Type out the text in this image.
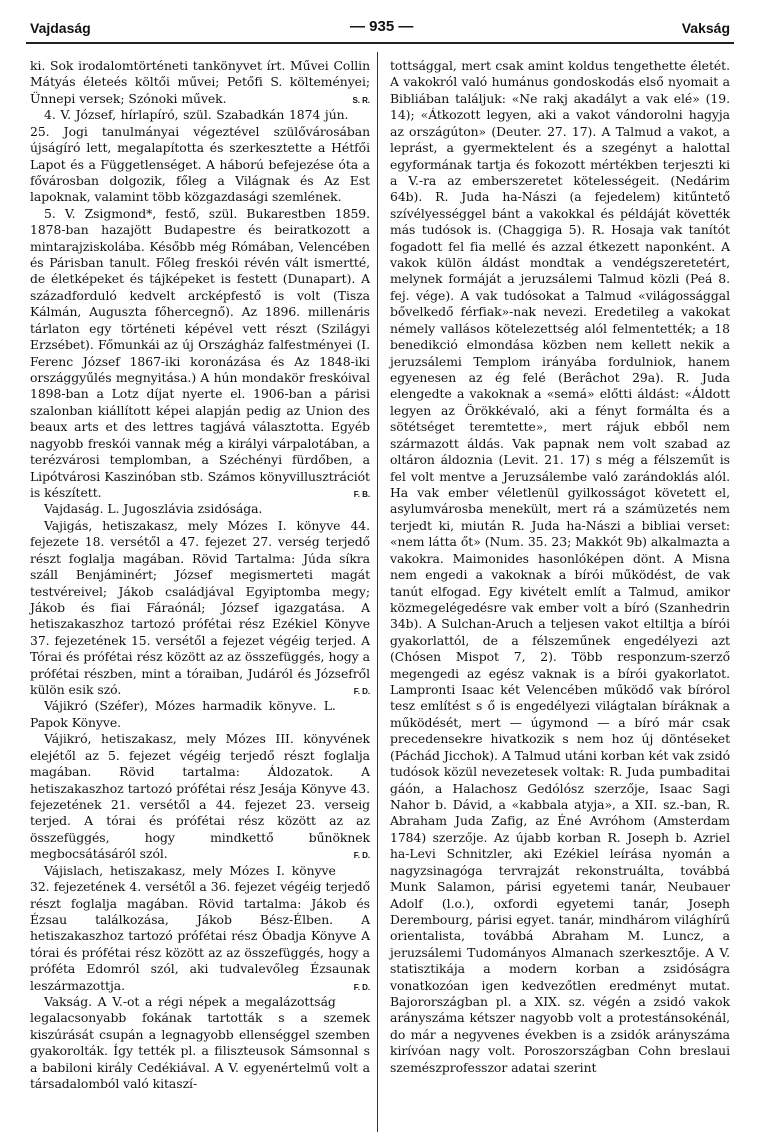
Vajdaság	— 935 —	Vakság

ki. Sok irodalomtörténeti tankönyvet írt. Művei Collin Mátyás életeés költői művei; Petőfi S. költeményei; Ünnepi versek; Szónoki művek.	S. R.

4. V. József, hírlapíró, szül. Szabadkán 1874 jún. 25. Jogi tanulmányai végeztével szülővárosában újságíró lett, megalapította és szerkesztette a Hétfői Lapot és a Függetlenséget. A háború befejezése óta a fővárosban dolgozik, főleg a Világnak és Az Est lapoknak, valamint több közgazdasági szemlének.

5. V. Zsigmond*, festő, szül. Bukarestben 1859. 1878-ban hazajött Budapestre és beiratkozott a mintarajziskolába. Később még Rómában, Velencében és Párisban tanult. Főleg freskói révén vált ismertté, de életképeket és tájképeket is festett (Dunapart). A századforduló kedvelt arcképfestő is volt (Tisza Kálmán, Auguszta főhercegnő). Az 1896. millenáris tárlaton egy történeti képével vett részt (Szilágyi Erzsébet). Főmunkái az új Országház falfestményei (I. Ferenc József 1867-iki koronázása és Az 1848-iki országgyűlés megnyitása.) A hún mondakör freskóival 1898-ban a Lotz díjat nyerte el. 1906-ban a párisi szalonban kiállított képei alapján pedig az Union des beaux arts et des lettres tagjává választotta. Egyéb nagyobb freskói vannak még a királyi várpalotában, a terézvárosi templomban, a Széchényi fürdőben, a Lipótvárosi Kaszinóban stb. Számos könyvillusztrációt is készített.	F. B.

Vajdaság. L. Jugoszlávia zsidósága.

Vajigás, hetiszakasz, mely Mózes I. könyve 44. fejezete 18. versétől a 47. fejezet 27. verség terjedő részt foglalja magában. Rövid Tartalma: Júda síkra száll Benjáminért; József megismerteti magát testvéreivel; Jákob családjával Egyiptomba megy; Jákob és fiai Fáraónál; József igazgatása. A hetiszakaszhoz tartozó prófétai rész Ezékiel Könyve 37. fejezetének 15. versétől a fejezet végéig terjed. A Tórai és prófétai rész között az az összefüggés, hogy a prófétai részben, mint a tóraiban, Judáról és Józsefről külön esik szó.	F. D.

Vájikró (Széfer), Mózes harmadik könyve. L. Papok Könyve.

Vájikró, hetiszakasz, mely Mózes III. könyvének elejétől az 5. fejezet végéig terjedő részt foglalja magában. Rövid tartalma: Áldozatok. A hetiszakaszhoz tartozó prófétai rész Jesája Könyve 43. fejezetének 21. versétől a 44. fejezet 23. verseig terjed. A tórai és prófétai rész között az az összefüggés, hogy mindkettő bűnöknek megbocsátásáról szól.	F. D.

Vájislach, hetiszakasz, mely Mózes I. könyve 32. fejezetének 4. versétől a 36. fejezet végéig terjedő részt foglalja magában. Rövid tartalma: Jákob és Ézsau találkozása, Jákob Bész-Élben. A hetiszakaszhoz tartozó prófétai rész Óbadja Könyve A tórai és prófétai rész között az az összefüggés, hogy a próféta Edomról szól, aki tudvalevőleg Ézsaunak leszármazottja.	F. D.

Vakság. A V.-ot a régi népek a megalázottság legalacsonyabb fokának tartották s a szemek kiszúrását csupán a legnagyobb ellenséggel szemben gyakorolták. Így tették pl. a filiszteusok Sámsonnal s a babiloni király Cedékiával. A V. egyenértelmű volt a társadalomból való kitaszí-

tottsággal, mert csak amint koldus tengethette életét. A vakokról való humánus gondoskodás első nyomait a Bibliában találjuk: «Ne rakj akadályt a vak elé» (19. 14); «Átkozott legyen, aki a vakot vándorolni hagyja az országúton» (Deuter. 27. 17). A Talmud a vakot, a leprást, a gyermektelent és a szegényt a halottal egyformának tartja és fokozott mértékben terjeszti ki a V.-ra az emberszeretet kötelességeit. (Nedárim 64b). R. Juda ha-Nászi (a fejedelem) kitűntető szívélyességgel bánt a vakokkal és példáját követték más tudósok is. (Chaggiga 5). R. Hosaja vak tanítót fogadott fel fia mellé és azzal étkezett naponként. A vakok külön áldást mondtak a vendégszeretetért, melynek formáját a jeruzsálemi Talmud közli (Peá 8. fej. vége). A vak tudósokat a Talmud «világossággal bővelkedő férfiak»-nak nevezi. Eredetileg a vakokat némely vallásos kötelezettség alól felmentették; a 18 benedikció elmondása közben nem kellett nekik a jeruzsálemi Templom irányába fordulniok, hanem egyenesen az ég felé (Berâchot 29a). R. Juda elengedte a vakoknak a «semá» előtti áldást: «Áldott legyen az Örökkévaló, aki a fényt formálta és a sötétséget teremtette», mert rájuk ebből nem származott áldás. Vak papnak nem volt szabad az oltáron áldoznia (Levit. 21. 17) s még a félszeműt is fel volt mentve a Jeruzsálembe való zarándoklás alól. Ha vak ember véletlenül gyilkosságot követett el, asylumvárosba menekült, mert rá a számüzetés nem terjedt ki, miután R. Juda ha-Nászi a bibliai verset: «nem látta őt» (Num. 35. 23; Makkót 9b) alkalmazta a vakokra. Maimonides hasonlóképen dönt. A Misna nem engedi a vakoknak a bírói működést, de vak tanút elfogad. Egy kivételt említ a Talmud, amikor közmegelégedésre vak ember volt a bíró (Szanhedrin 34b). A Sulchan-Aruch a teljesen vakot eltiltja a bírói gyakorlattól, de a félszeműnek engedélyezi azt (Chósen Mispot 7, 2). Több responzum-szerző megengedi az egész vaknak is a bírói gyakorlatot. Lampronti Isaac két Velencében működő vak bírórol tesz említést s ő is engedélyezi világtalan bíráknak a működését, mert — úgymond — a bíró már csak precedensekre hivatkozik s nem hoz új döntéseket (Páchád Jicchok). A Talmud utáni korban két vak zsidó tudósok közül nevezetesek voltak: R. Juda pumbaditai gáón, a Halachosz Gedólósz szerzője, Isaac Sagi Nahor b. Dávid, a «kabbala atyja», a XII. sz.-ban, R. Abraham Juda Zafig, az Éné Avróhom (Amsterdam 1784) szerzője. Az újabb korban R. Joseph b. Azriel ha-Levi Schnitzler, aki Ezékiel leírása nyomán a nagyzsinagóga tervrajzát rekonstruálta, továbbá Munk Salamon, párisi egyetemi tanár, Neubauer Adolf (l.o.), oxfordi egyetemi tanár, Joseph Derembourg, párisi egyet. tanár, mindhárom világhírű orientalista, továbbá Abraham M. Luncz, a jeruzsálemi Tudományos Almanach szerkesztője. A V. statisztikája a modern korban a zsidóságra vonatkozóan igen kedvezőtlen eredményt mutat. Bajorországban pl. a XIX. sz. végén a zsidó vakok arányszáma kétszer nagyobb volt a protestánsokénál, do már a negyvenes években is a zsidók arányszáma kirívóan nagy volt. Poroszországban Cohn breslaui szemészprofesszor adatai szerint
